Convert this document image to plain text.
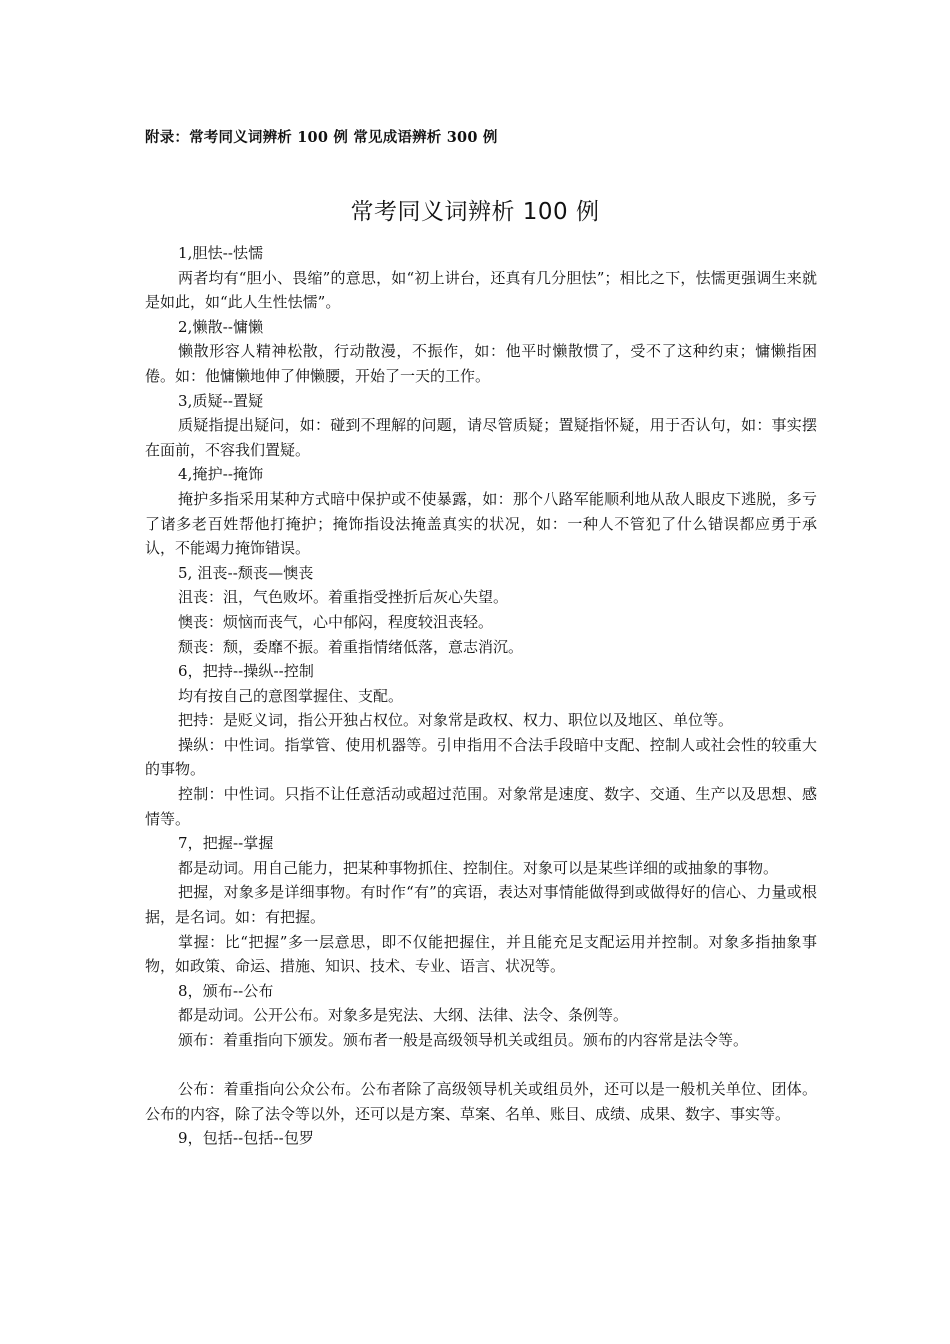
附录：常考同义词辨析 100 例 常见成语辨析 300 例
常考同义词辨析 100 例

1,胆怯--怯懦

两者均有“胆小、畏缩”的意思，如“初上讲台，还真有几分胆怯”；相比之下，怯懦更强调生来就是如此，如“此人生性怯懦”。

2,懒散--慵懒

懒散形容人精神松散，行动散漫，不振作，如：他平时懒散惯了，受不了这种约束；慵懒指困倦。如：他慵懒地伸了伸懒腰，开始了一天的工作。

3,质疑--置疑

质疑指提出疑问，如：碰到不理解的问题，请尽管质疑；置疑指怀疑，用于否认句，如：事实摆在面前，不容我们置疑。

4,掩护--掩饰

掩护多指采用某种方式暗中保护或不使暴露，如：那个八路军能顺利地从敌人眼皮下逃脱，多亏了诸多老百姓帮他打掩护；掩饰指设法掩盖真实的状况，如：一种人不管犯了什么错误都应勇于承认，不能竭力掩饰错误。

5, 沮丧--颓丧—懊丧

沮丧：沮，气色败坏。着重指受挫折后灰心失望。

懊丧：烦恼而丧气，心中郁闷，程度较沮丧轻。

颓丧：颓，委靡不振。着重指情绪低落，意志消沉。

6，把持--操纵--控制

均有按自己的意图掌握住、支配。

把持：是贬义词，指公开独占权位。对象常是政权、权力、职位以及地区、单位等。

操纵：中性词。指掌管、使用机器等。引申指用不合法手段暗中支配、控制人或社会性的较重大的事物。

控制：中性词。只指不让任意活动或超过范围。对象常是速度、数字、交通、生产以及思想、感情等。

7，把握--掌握

都是动词。用自己能力，把某种事物抓住、控制住。对象可以是某些详细的或抽象的事物。

把握，对象多是详细事物。有时作“有”的宾语，表达对事情能做得到或做得好的信心、力量或根据，是名词。如：有把握。

掌握：比“把握”多一层意思，即不仅能把握住，并且能充足支配运用并控制。对象多指抽象事物，如政策、命运、措施、知识、技术、专业、语言、状况等。

8，颁布--公布

都是动词。公开公布。对象多是宪法、大纲、法律、法令、条例等。

颁布：着重指向下颁发。颁布者一般是高级领导机关或组员。颁布的内容常是法令等。

公布：着重指向公众公布。公布者除了高级领导机关或组员外，还可以是一般机关单位、团体。公布的内容，除了法令等以外，还可以是方案、草案、名单、账目、成绩、成果、数字、事实等。

9，包括--包括--包罗
